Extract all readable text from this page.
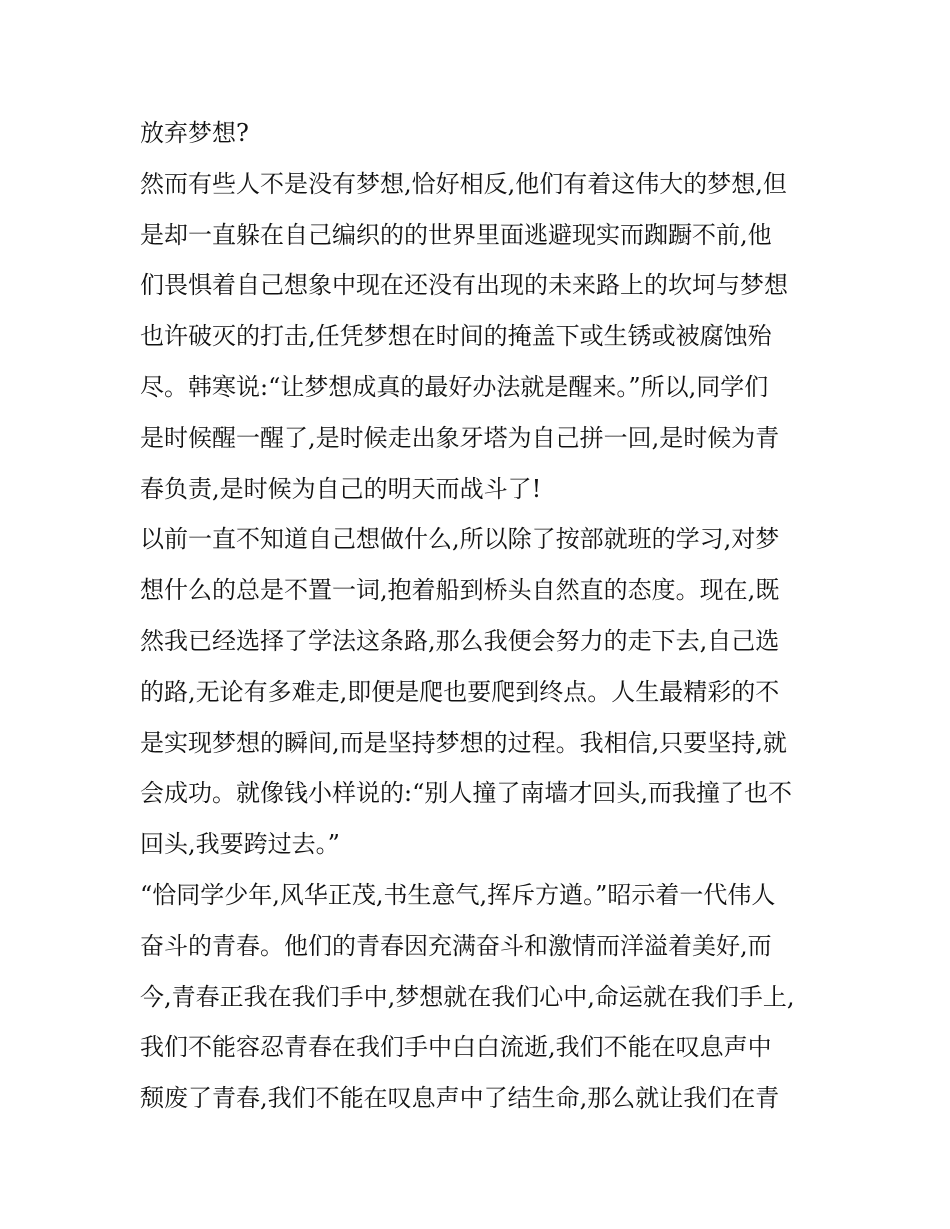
放弃梦想?
然而有些人不是没有梦想,恰好相反,他们有着这伟大的梦想,但
是却一直躲在自己编织的的世界里面逃避现实而踟蹰不前,他
们畏惧着自己想象中现在还没有出现的未来路上的坎坷与梦想
也许破灭的打击,任凭梦想在时间的掩盖下或生锈或被腐蚀殆
尽。韩寒说:“让梦想成真的最好办法就是醒来。”所以,同学们
是时候醒一醒了,是时候走出象牙塔为自己拼一回,是时候为青
春负责,是时候为自己的明天而战斗了!
以前一直不知道自己想做什么,所以除了按部就班的学习,对梦
想什么的总是不置一词,抱着船到桥头自然直的态度。现在,既
然我已经选择了学法这条路,那么我便会努力的走下去,自己选
的路,无论有多难走,即便是爬也要爬到终点。人生最精彩的不
是实现梦想的瞬间,而是坚持梦想的过程。我相信,只要坚持,就
会成功。就像钱小样说的:“别人撞了南墙才回头,而我撞了也不
回头,我要跨过去。”
“恰同学少年,风华正茂,书生意气,挥斥方遒。”昭示着一代伟人
奋斗的青春。他们的青春因充满奋斗和激情而洋溢着美好,而
今,青春正我在我们手中,梦想就在我们心中,命运就在我们手上,
我们不能容忍青春在我们手中白白流逝,我们不能在叹息声中
颓废了青春,我们不能在叹息声中了结生命,那么就让我们在青
